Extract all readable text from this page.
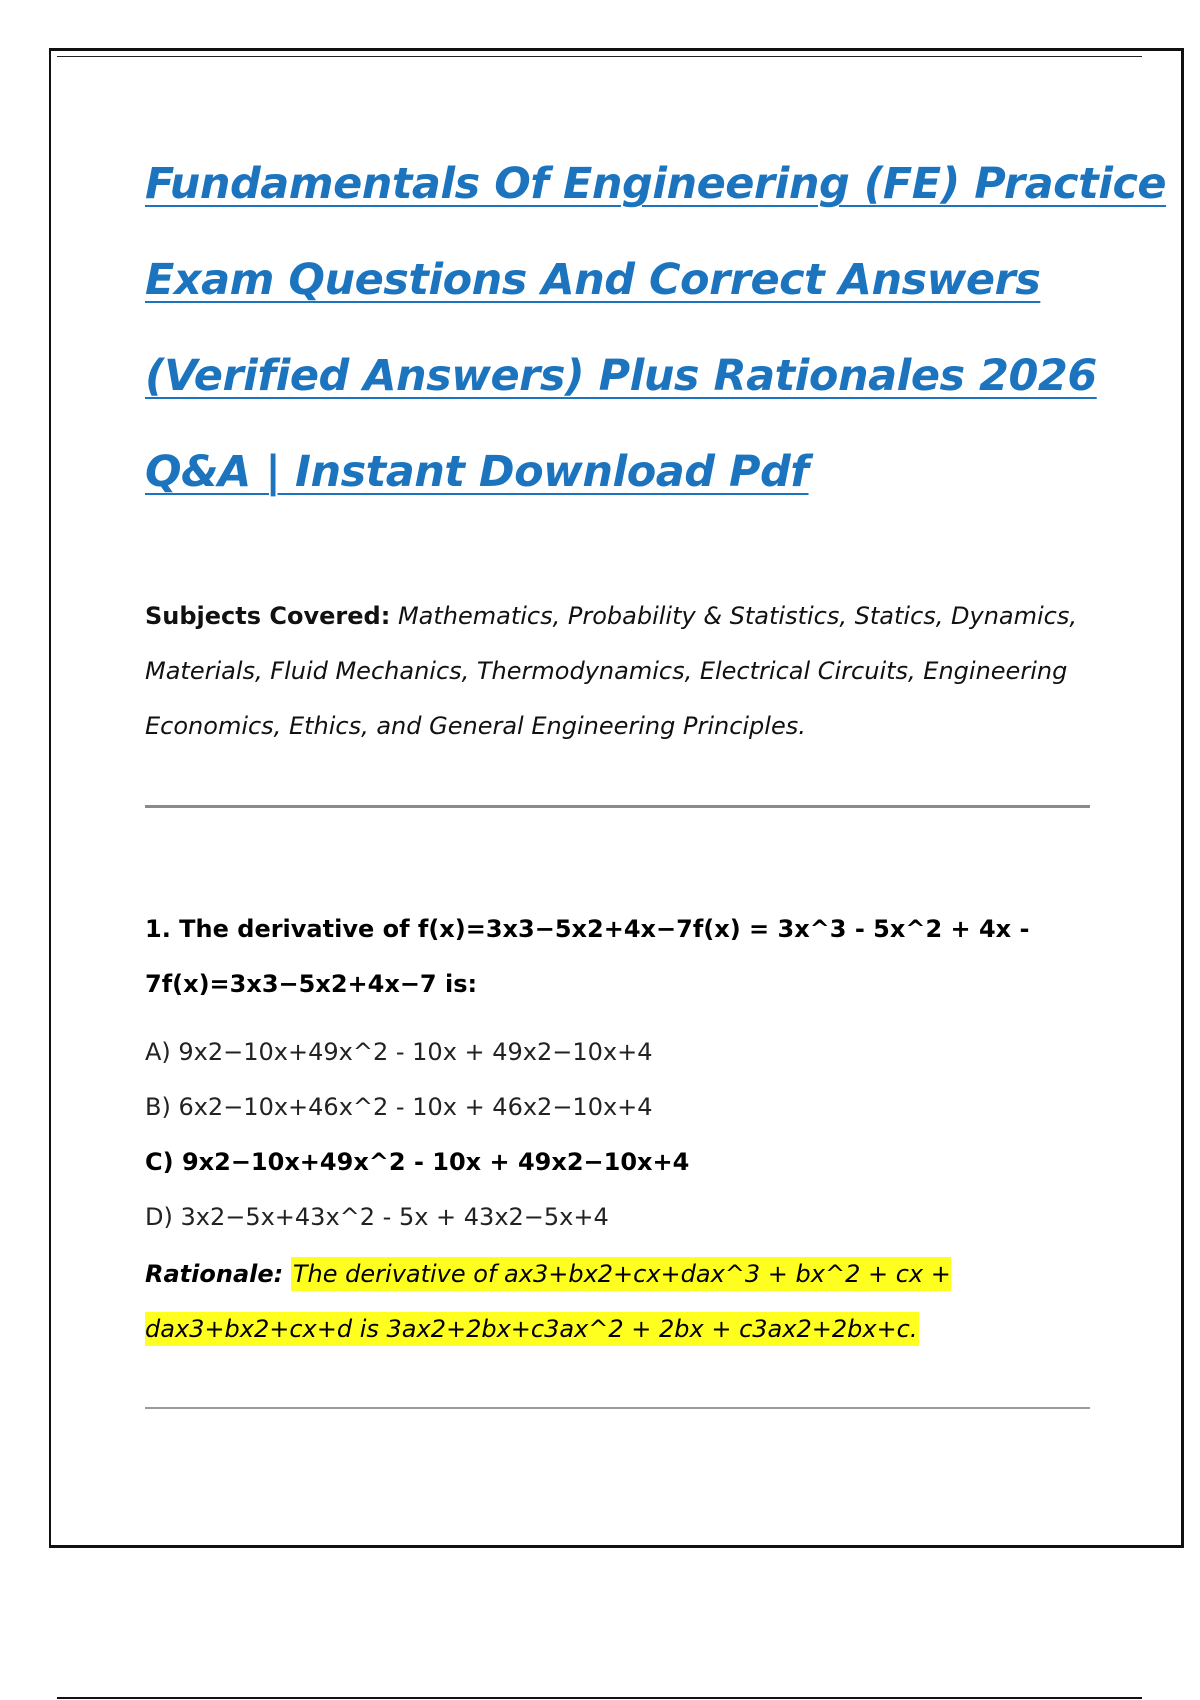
Fundamentals Of Engineering (FE) Practice
Exam Questions And Correct Answers
(Verified Answers) Plus Rationales 2026
Q&A | Instant Download Pdf

Subjects Covered: Mathematics, Probability & Statistics, Statics, Dynamics, Materials, Fluid Mechanics, Thermodynamics, Electrical Circuits, Engineering Economics, Ethics, and General Engineering Principles.

1. The derivative of f(x)=3x3−5x2+4x−7f(x) = 3x^3 - 5x^2 + 4x - 7f(x)=3x3−5x2+4x−7 is:

A) 9x2−10x+49x^2 - 10x + 49x2−10x+4
B) 6x2−10x+46x^2 - 10x + 46x2−10x+4
C) 9x2−10x+49x^2 - 10x + 49x2−10x+4
D) 3x2−5x+43x^2 - 5x + 43x2−5x+4

Rationale: The derivative of ax3+bx2+cx+dax^3 + bx^2 + cx + dax3+bx2+cx+d is 3ax2+2bx+c3ax^2 + 2bx + c3ax2+2bx+c.
